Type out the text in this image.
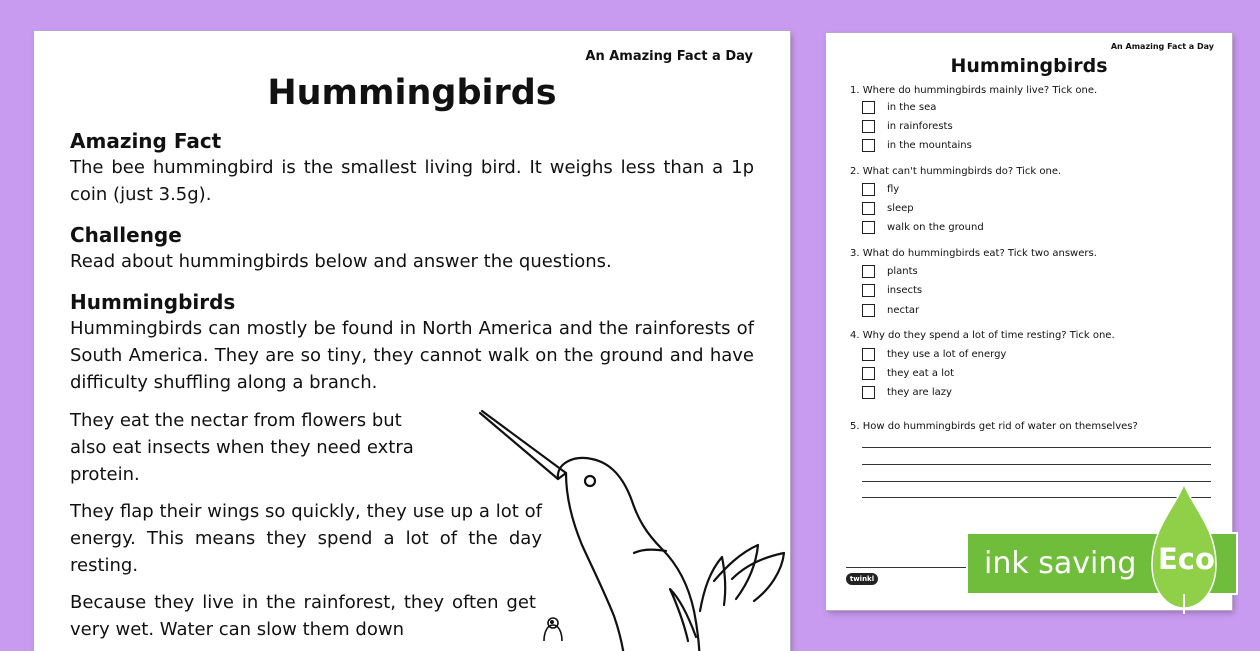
An Amazing Fact a Day
Hummingbirds
Amazing Fact
The bee hummingbird is the smallest living bird. It weighs less than a 1p coin (just 3.5g).
Challenge
Read about hummingbirds below and answer the questions.
Hummingbirds
Hummingbirds can mostly be found in North America and the rainforests of South America. They are so tiny, they cannot walk on the ground and have difficulty shuffling along a branch.
They eat the nectar from flowers but also eat insects when they need extra protein.
They flap their wings so quickly, they use up a lot of energy. This means they spend a lot of the day resting.
Because they live in the rainforest, they often get very wet. Water can slow them down
An Amazing Fact a Day
Hummingbirds
1. Where do hummingbirds mainly live? Tick one.
in the sea
in rainforests
in the mountains
2. What can't hummingbirds do? Tick one.
fly
sleep
walk on the ground
3. What do hummingbirds eat? Tick two answers.
plants
insects
nectar
4. Why do they spend a lot of time resting? Tick one.
they use a lot of energy
they eat a lot
they are lazy
5. How do hummingbirds get rid of water on themselves?
twinkl	ink saving Eco
